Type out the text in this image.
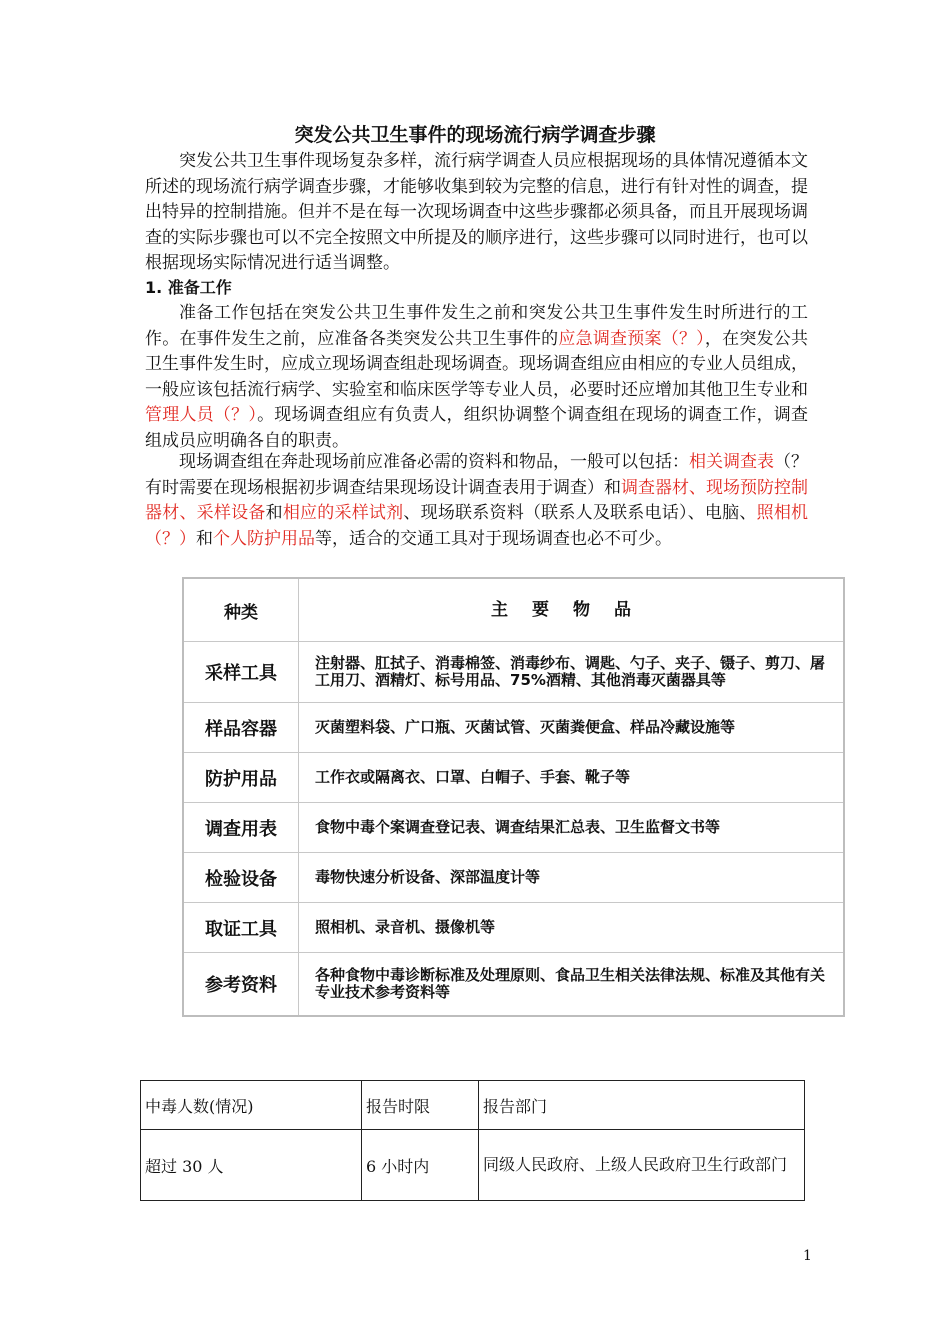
突发公共卫生事件的现场流行病学调查步骤

突发公共卫生事件现场复杂多样，流行病学调查人员应根据现场的具体情况遵循本文所述的现场流行病学调查步骤，才能够收集到较为完整的信息，进行有针对性的调查，提出特异的控制措施。但并不是在每一次现场调查中这些步骤都必须具备，而且开展现场调查的实际步骤也可以不完全按照文中所提及的顺序进行，这些步骤可以同时进行，也可以根据现场实际情况进行适当调整。

1. 准备工作

准备工作包括在突发公共卫生事件发生之前和突发公共卫生事件发生时所进行的工作。在事件发生之前，应准备各类突发公共卫生事件的应急调查预案（？），在突发公共卫生事件发生时，应成立现场调查组赴现场调查。现场调查组应由相应的专业人员组成，一般应该包括流行病学、实验室和临床医学等专业人员，必要时还应增加其他卫生专业和管理人员（？）。现场调查组应有负责人，组织协调整个调查组在现场的调查工作，调查组成员应明确各自的职责。

现场调查组在奔赴现场前应准备必需的资料和物品，一般可以包括：相关调查表（？有时需要在现场根据初步调查结果现场设计调查表用于调查）和调查器材、现场预防控制器材、采样设备和相应的采样试剂、现场联系资料（联系人及联系电话）、电脑、照相机（？）和个人防护用品等，适合的交通工具对于现场调查也必不可少。

种类	主要物品
采样工具	注射器、肛拭子、消毒棉签、消毒纱布、调匙、勺子、夹子、镊子、剪刀、屠工用刀、酒精灯、标号用品、75%酒精、其他消毒灭菌器具等
样品容器	灭菌塑料袋、广口瓶、灭菌试管、灭菌粪便盒、样品冷藏设施等
防护用品	工作衣或隔离衣、口罩、白帽子、手套、靴子等
调查用表	食物中毒个案调查登记表、调查结果汇总表、卫生监督文书等
检验设备	毒物快速分析设备、深部温度计等
取证工具	照相机、录音机、摄像机等
参考资料	各种食物中毒诊断标准及处理原则、食品卫生相关法律法规、标准及其他有关专业技术参考资料等
中毒人数(情况)	报告时限	报告部门
超过 30 人	6 小时内	同级人民政府、上级人民政府卫生行政部门
1
